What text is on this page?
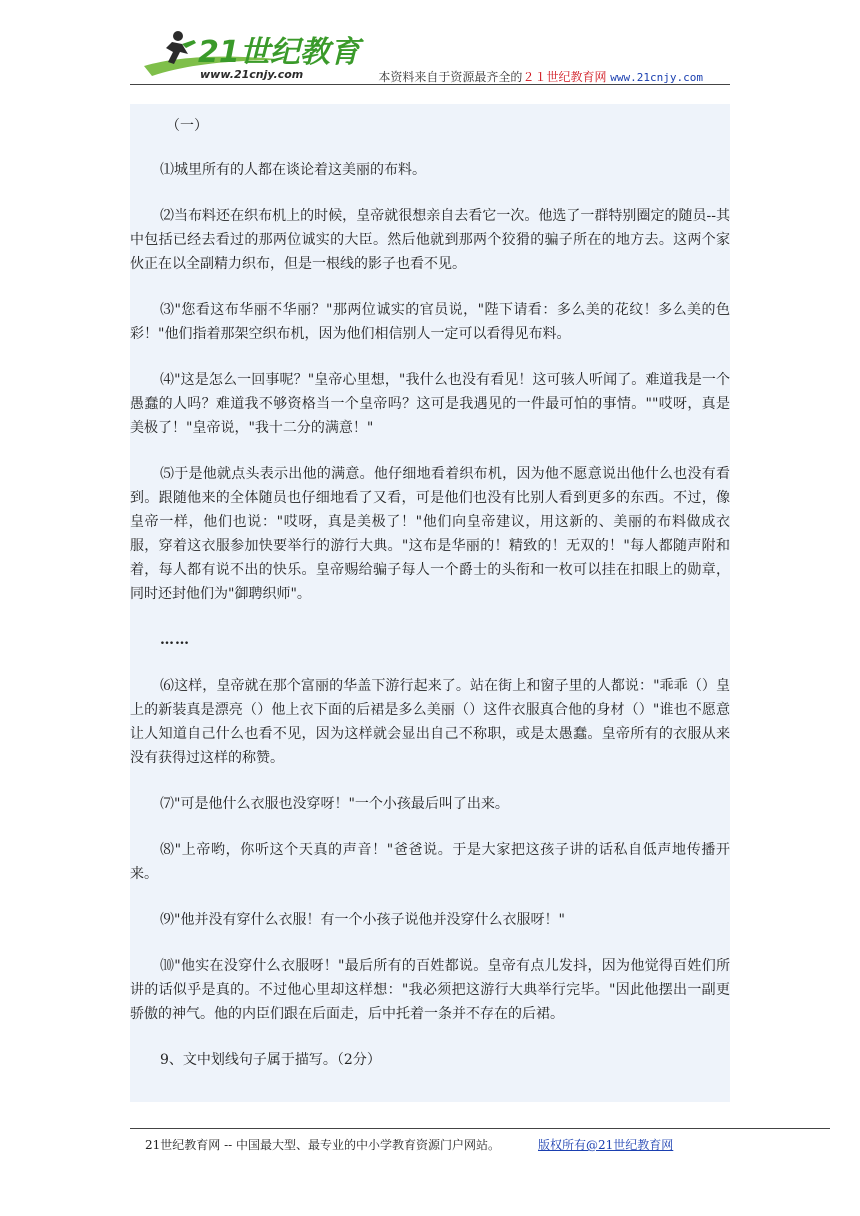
21世纪教育
www.21cnjy.com	本资料来自于资源最齐全的２１世纪教育网 www.21cnjy.com
（一）

⑴城里所有的人都在谈论着这美丽的布料。

⑵当布料还在织布机上的时候，皇帝就很想亲自去看它一次。他选了一群特别圈定的随员--其中包括已经去看过的那两位诚实的大臣。然后他就到那两个狡猾的骗子所在的地方去。这两个家伙正在以全副精力织布，但是一根线的影子也看不见。

⑶"您看这布华丽不华丽？"那两位诚实的官员说，"陛下请看：多么美的花纹！多么美的色彩！"他们指着那架空织布机，因为他们相信别人一定可以看得见布料。

⑷"这是怎么一回事呢？"皇帝心里想，"我什么也没有看见！这可骇人听闻了。难道我是一个愚蠢的人吗？难道我不够资格当一个皇帝吗？这可是我遇见的一件最可怕的事情。""哎呀，真是美极了！"皇帝说，"我十二分的满意！"

⑸于是他就点头表示出他的满意。他仔细地看着织布机，因为他不愿意说出他什么也没有看到。跟随他来的全体随员也仔细地看了又看，可是他们也没有比别人看到更多的东西。不过，像皇帝一样，他们也说："哎呀，真是美极了！"他们向皇帝建议，用这新的、美丽的布料做成衣服，穿着这衣服参加快要举行的游行大典。"这布是华丽的！精致的！无双的！"每人都随声附和着，每人都有说不出的快乐。皇帝赐给骗子每人一个爵士的头衔和一枚可以挂在扣眼上的勋章，同时还封他们为"御聘织师"。

……

⑹这样，皇帝就在那个富丽的华盖下游行起来了。站在街上和窗子里的人都说："乖乖（）皇上的新装真是漂亮（）他上衣下面的后裙是多么美丽（）这件衣服真合他的身材（）"谁也不愿意让人知道自己什么也看不见，因为这样就会显出自己不称职，或是太愚蠢。皇帝所有的衣服从来没有获得过这样的称赞。

⑺"可是他什么衣服也没穿呀！"一个小孩最后叫了出来。

⑻"上帝哟，你听这个天真的声音！"爸爸说。于是大家把这孩子讲的话私自低声地传播开来。

⑼"他并没有穿什么衣服！有一个小孩子说他并没穿什么衣服呀！"

⑽"他实在没穿什么衣服呀！"最后所有的百姓都说。皇帝有点儿发抖，因为他觉得百姓们所讲的话似乎是真的。不过他心里却这样想："我必须把这游行大典举行完毕。"因此他摆出一副更骄傲的神气。他的内臣们跟在后面走，后中托着一条并不存在的后裙。

9、文中划线句子属于描写。（2分）

21世纪教育网 -- 中国最大型、最专业的中小学教育资源门户网站。	版权所有@21世纪教育网
